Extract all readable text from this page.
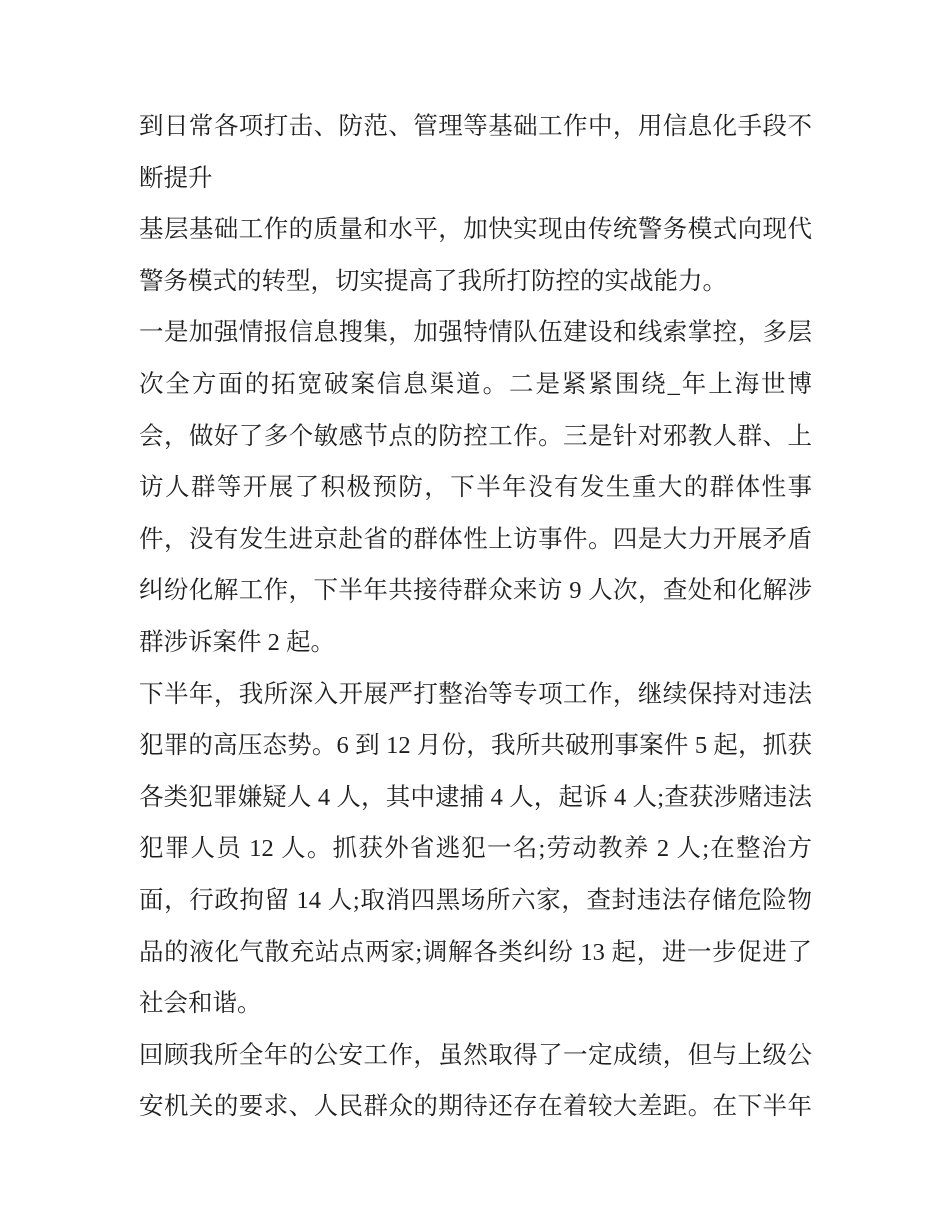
到日常各项打击、防范、管理等基础工作中，用信息化手段不
断提升
基层基础工作的质量和水平，加快实现由传统警务模式向现代
警务模式的转型，切实提高了我所打防控的实战能力。
一是加强情报信息搜集，加强特情队伍建设和线索掌控，多层
次全方面的拓宽破案信息渠道。二是紧紧围绕_年上海世博
会，做好了多个敏感节点的防控工作。三是针对邪教人群、上
访人群等开展了积极预防，下半年没有发生重大的群体性事
件，没有发生进京赴省的群体性上访事件。四是大力开展矛盾
纠纷化解工作，下半年共接待群众来访 9 人次，查处和化解涉
群涉诉案件 2 起。
下半年，我所深入开展严打整治等专项工作，继续保持对违法
犯罪的高压态势。6 到 12 月份，我所共破刑事案件 5 起，抓获
各类犯罪嫌疑人 4 人，其中逮捕 4 人，起诉 4 人;查获涉赌违法
犯罪人员 12 人。抓获外省逃犯一名;劳动教养 2 人;在整治方
面，行政拘留 14 人;取消四黑场所六家，查封违法存储危险物
品的液化气散充站点两家;调解各类纠纷 13 起，进一步促进了
社会和谐。
回顾我所全年的公安工作，虽然取得了一定成绩，但与上级公
安机关的要求、人民群众的期待还存在着较大差距。在下半年
